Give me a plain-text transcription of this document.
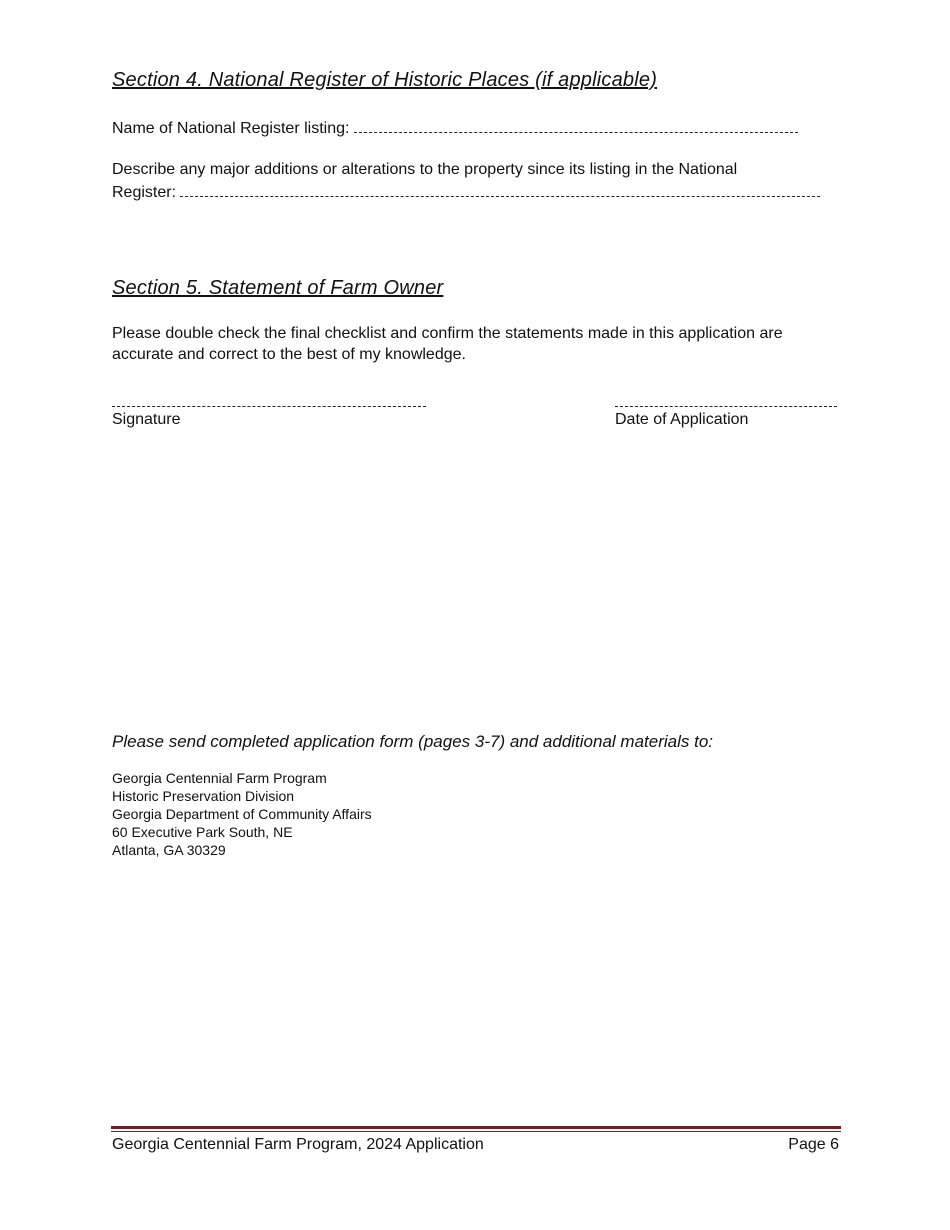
Section 4. National Register of Historic Places (if applicable)
Name of National Register listing:
Describe any major additions or alterations to the property since its listing in the National
Register:
Section 5. Statement of Farm Owner
Please double check the final checklist and confirm the statements made in this application are
accurate and correct to the best of my knowledge.
Signature	Date of Application
Please send completed application form (pages 3-7) and additional materials to:
Georgia Centennial Farm Program
Historic Preservation Division
Georgia Department of Community Affairs
60 Executive Park South, NE
Atlanta, GA 30329
Georgia Centennial Farm Program, 2024 Application	Page 6
